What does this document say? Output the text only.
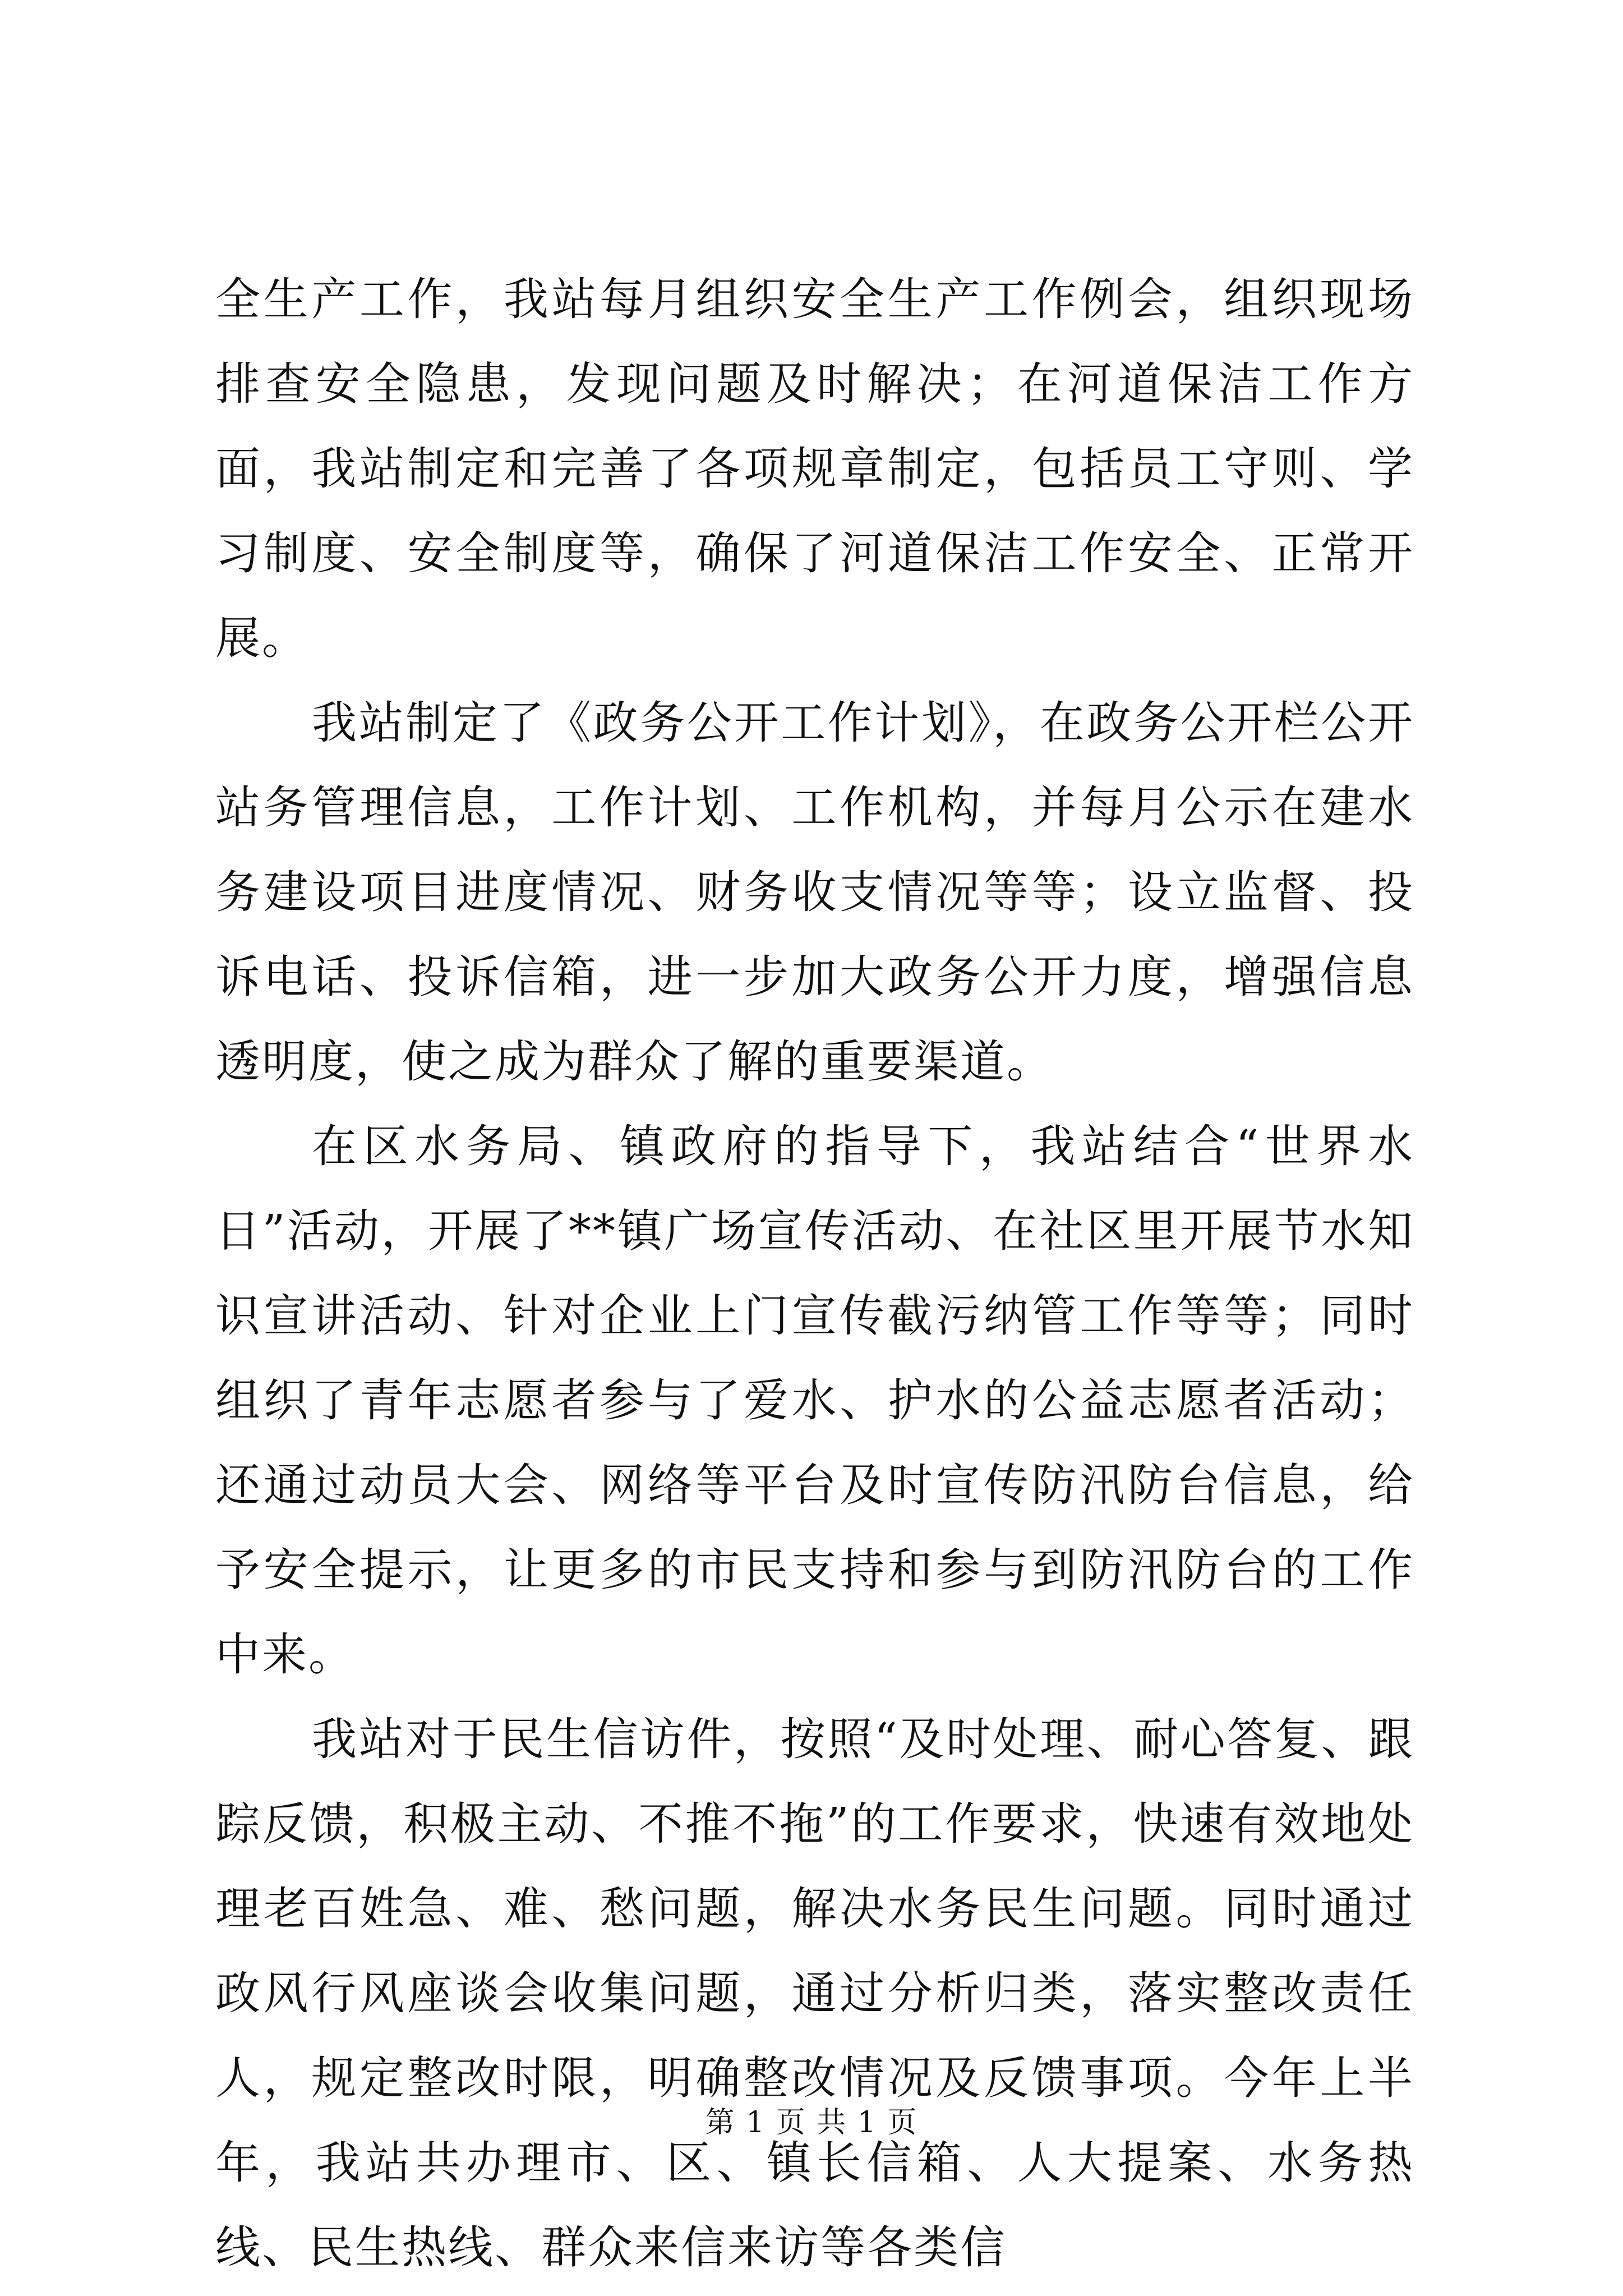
全生产工作，我站每月组织安全生产工作例会，组织现场排查安全隐患，发现问题及时解决；在河道保洁工作方面，我站制定和完善了各项规章制定，包括员工守则、学习制度、安全制度等，确保了河道保洁工作安全、正常开展。

我站制定了《政务公开工作计划》，在政务公开栏公开站务管理信息，工作计划、工作机构，并每月公示在建水务建设项目进度情况、财务收支情况等等；设立监督、投诉电话、投诉信箱，进一步加大政务公开力度，增强信息透明度，使之成为群众了解的重要渠道。

在区水务局、镇政府的指导下，我站结合“世界水日”活动，开展了**镇广场宣传活动、在社区里开展节水知识宣讲活动、针对企业上门宣传截污纳管工作等等；同时组织了青年志愿者参与了爱水、护水的公益志愿者活动；还通过动员大会、网络等平台及时宣传防汛防台信息，给予安全提示，让更多的市民支持和参与到防汛防台的工作中来。

我站对于民生信访件，按照“及时处理、耐心答复、跟踪反馈，积极主动、不推不拖”的工作要求，快速有效地处理老百姓急、难、愁问题，解决水务民生问题。同时通过政风行风座谈会收集问题，通过分析归类，落实整改责任人，规定整改时限，明确整改情况及反馈事项。今年上半年，我站共办理市、区、镇长信箱、人大提案、水务热线、民生热线、群众来信来访等各类信

第 1 页 共 1 页
